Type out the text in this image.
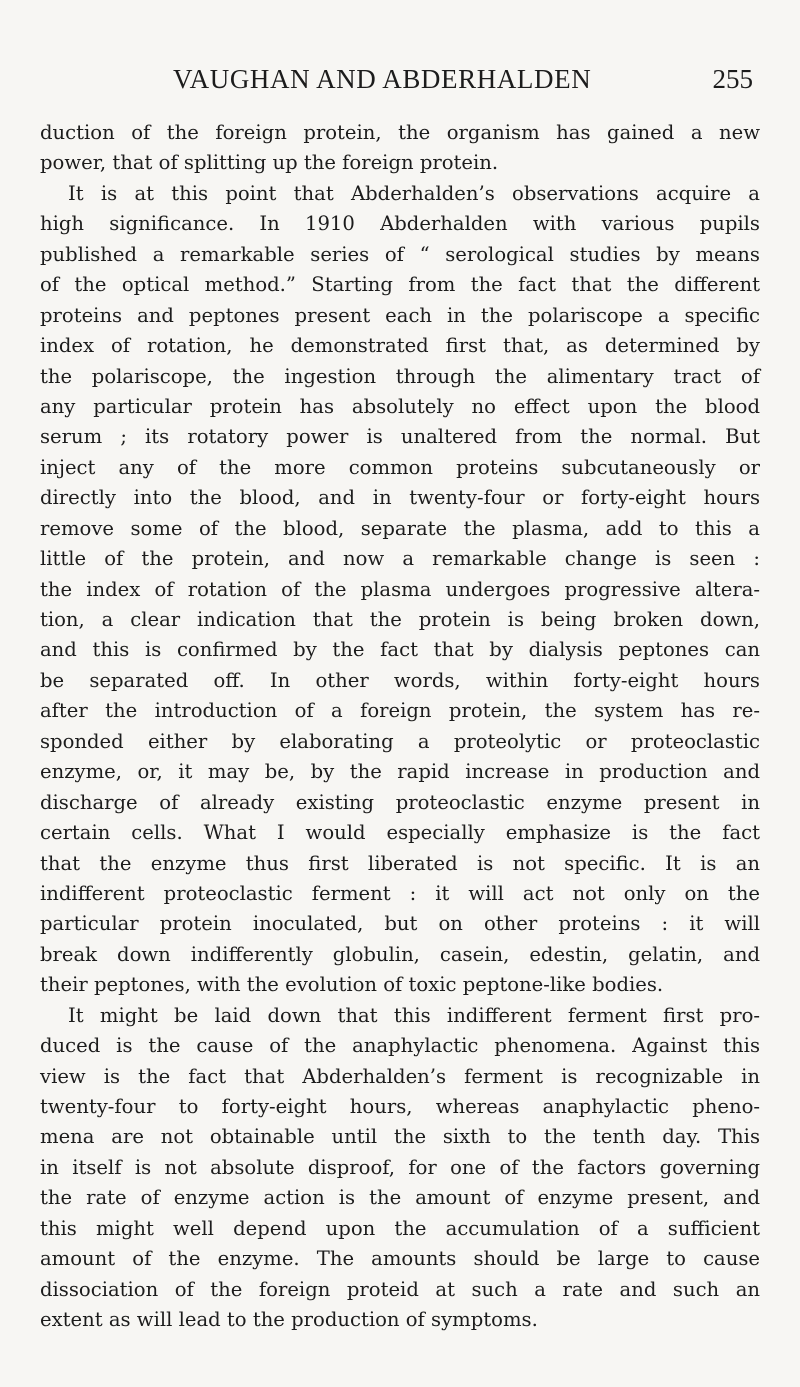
VAUGHAN AND ABDERHALDEN	255
duction of the foreign protein, the organism has gained a new
power, that of splitting up the foreign protein.
It is at this point that Abderhalden’s observations acquire a
high significance. In 1910 Abderhalden with various pupils
published a remarkable series of “ serological studies by means
of the optical method.” Starting from the fact that the different
proteins and peptones present each in the polariscope a specific
index of rotation, he demonstrated first that, as determined by
the polariscope, the ingestion through the alimentary tract of
any particular protein has absolutely no effect upon the blood
serum ; its rotatory power is unaltered from the normal. But
inject any of the more common proteins subcutaneously or
directly into the blood, and in twenty-four or forty-eight hours
remove some of the blood, separate the plasma, add to this a
little of the protein, and now a remarkable change is seen :
the index of rotation of the plasma undergoes progressive altera-
tion, a clear indication that the protein is being broken down,
and this is confirmed by the fact that by dialysis peptones can
be separated off. In other words, within forty-eight hours
after the introduction of a foreign protein, the system has re-
sponded either by elaborating a proteolytic or proteoclastic
enzyme, or, it may be, by the rapid increase in production and
discharge of already existing proteoclastic enzyme present in
certain cells. What I would especially emphasize is the fact
that the enzyme thus first liberated is not specific. It is an
indifferent proteoclastic ferment : it will act not only on the
particular protein inoculated, but on other proteins : it will
break down indifferently globulin, casein, edestin, gelatin, and
their peptones, with the evolution of toxic peptone-like bodies.
It might be laid down that this indifferent ferment first pro-
duced is the cause of the anaphylactic phenomena. Against this
view is the fact that Abderhalden’s ferment is recognizable in
twenty-four to forty-eight hours, whereas anaphylactic pheno-
mena are not obtainable until the sixth to the tenth day. This
in itself is not absolute disproof, for one of the factors governing
the rate of enzyme action is the amount of enzyme present, and
this might well depend upon the accumulation of a sufficient
amount of the enzyme. The amounts should be large to cause
dissociation of the foreign proteid at such a rate and such an
extent as will lead to the production of symptoms.
